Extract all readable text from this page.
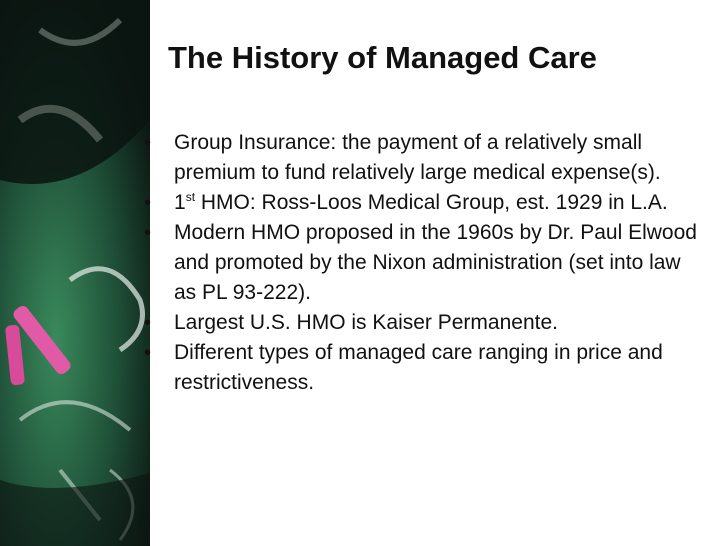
The History of Managed Care
• Group Insurance: the payment of a relatively small premium to fund relatively large medical expense(s).
• 1st HMO: Ross-Loos Medical Group, est. 1929 in L.A.
• Modern HMO proposed in the 1960s by Dr. Paul Elwood and promoted by the Nixon administration (set into law as PL 93-222).
• Largest U.S. HMO is Kaiser Permanente.
• Different types of managed care ranging in price and restrictiveness.
